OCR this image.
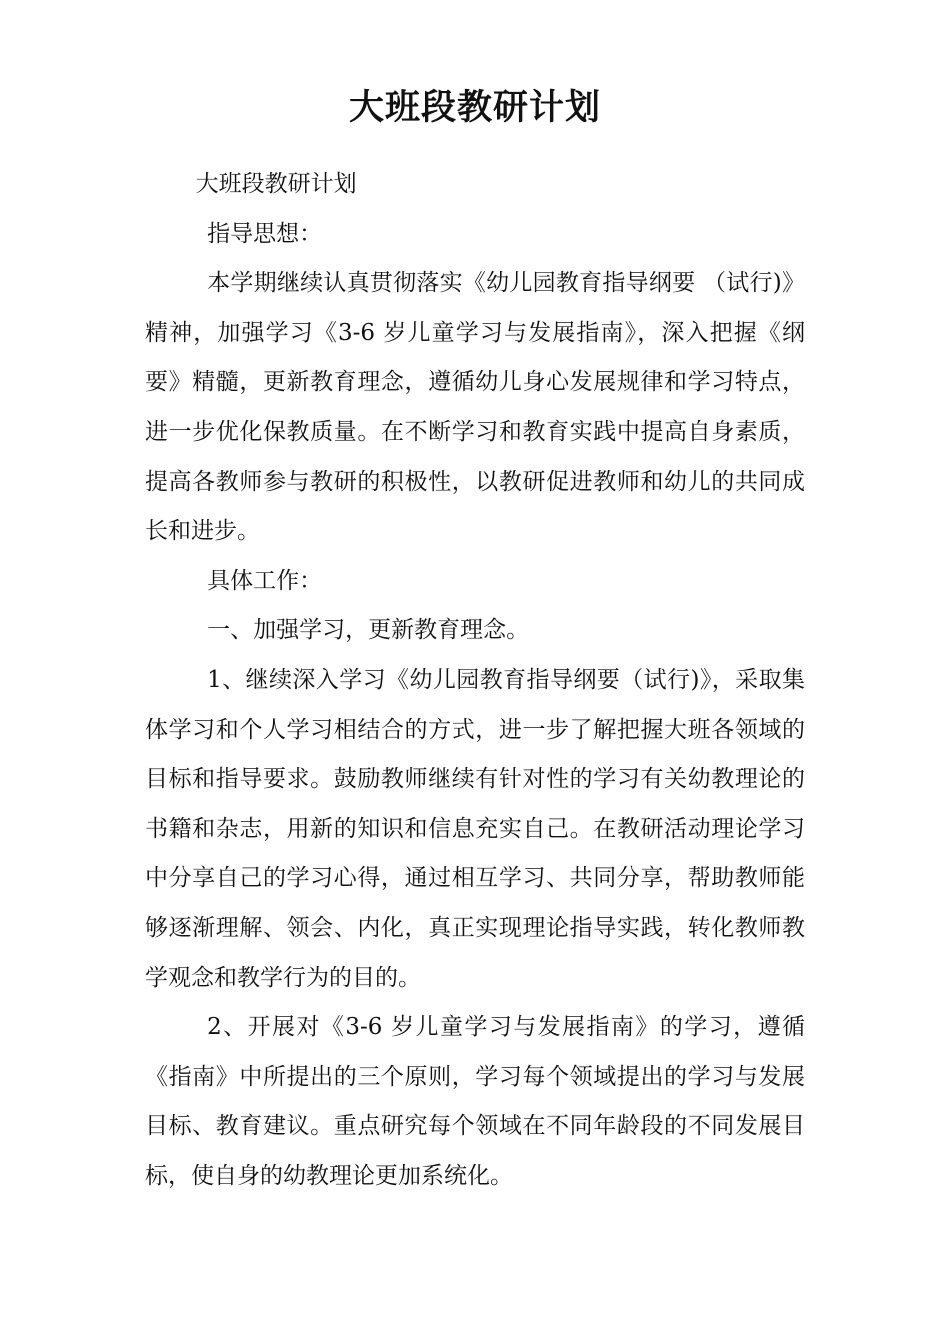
大班段教研计划

大班段教研计划

指导思想：

本学期继续认真贯彻落实《幼儿园教育指导纲要 （试行)》精神，加强学习《3-6 岁儿童学习与发展指南》，深入把握《纲要》精髓，更新教育理念，遵循幼儿身心发展规律和学习特点，进一步优化保教质量。在不断学习和教育实践中提高自身素质，提高各教师参与教研的积极性，以教研促进教师和幼儿的共同成长和进步。

具体工作：

一、加强学习，更新教育理念。

1、继续深入学习《幼儿园教育指导纲要（试行)》，采取集体学习和个人学习相结合的方式，进一步了解把握大班各领域的目标和指导要求。鼓励教师继续有针对性的学习有关幼教理论的书籍和杂志，用新的知识和信息充实自己。在教研活动理论学习中分享自己的学习心得，通过相互学习、共同分享，帮助教师能够逐渐理解、领会、内化，真正实现理论指导实践，转化教师教学观念和教学行为的目的。

2、开展对《3-6 岁儿童学习与发展指南》的学习，遵循《指南》中所提出的三个原则，学习每个领域提出的学习与发展目标、教育建议。重点研究每个领域在不同年龄段的不同发展目标，使自身的幼教理论更加系统化。
